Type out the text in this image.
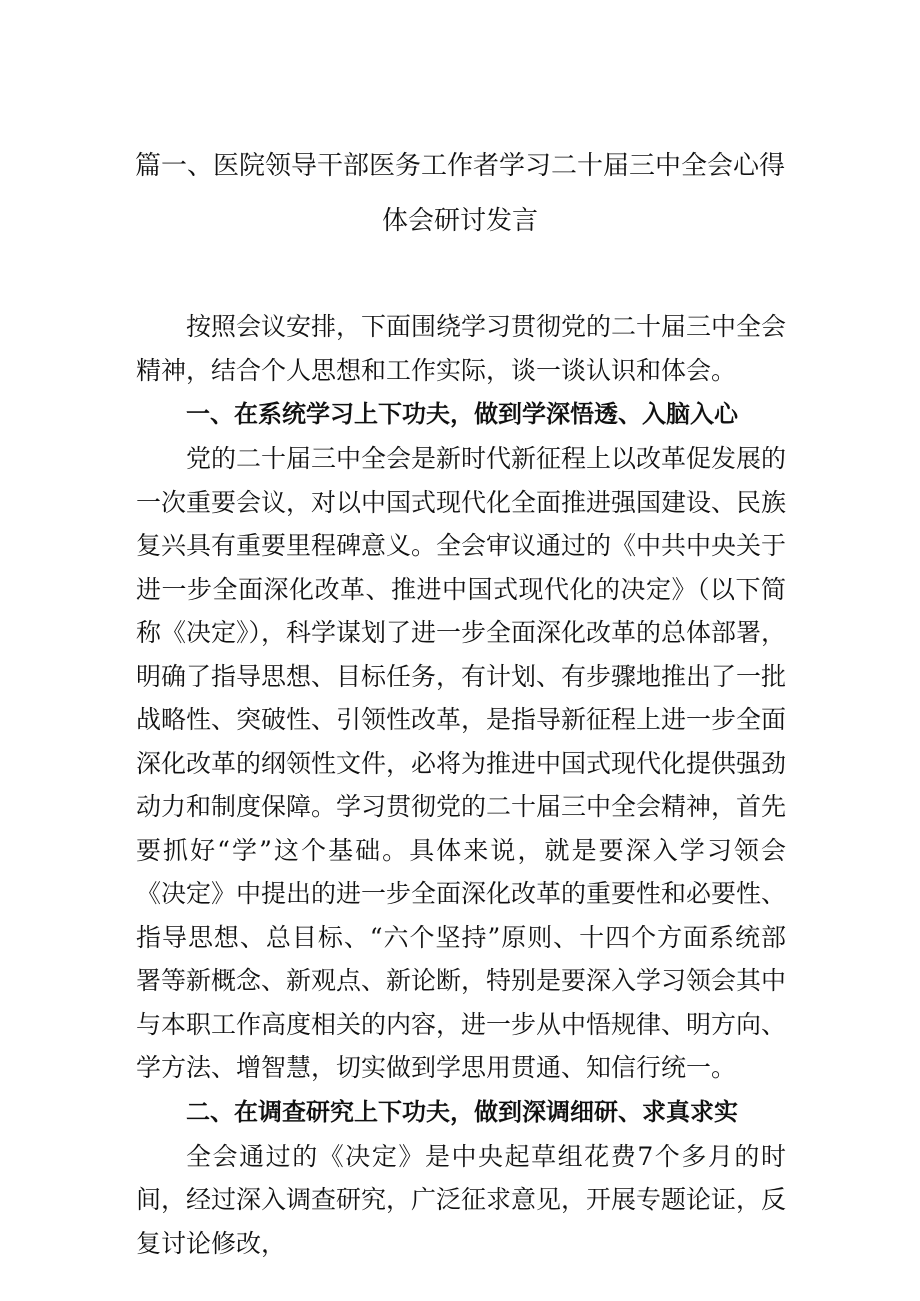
篇一、医院领导干部医务工作者学习二十届三中全会心得
体会研讨发言

按照会议安排，下面围绕学习贯彻党的二十届三中全会精神，结合个人思想和工作实际，谈一谈认识和体会。

一、在系统学习上下功夫，做到学深悟透、入脑入心

党的二十届三中全会是新时代新征程上以改革促发展的一次重要会议，对以中国式现代化全面推进强国建设、民族复兴具有重要里程碑意义。全会审议通过的《中共中央关于进一步全面深化改革、推进中国式现代化的决定》（以下简称《决定》），科学谋划了进一步全面深化改革的总体部署，明确了指导思想、目标任务，有计划、有步骤地推出了一批战略性、突破性、引领性改革，是指导新征程上进一步全面深化改革的纲领性文件，必将为推进中国式现代化提供强劲动力和制度保障。学习贯彻党的二十届三中全会精神，首先要抓好“学”这个基础。具体来说，就是要深入学习领会《决定》中提出的进一步全面深化改革的重要性和必要性、指导思想、总目标、“六个坚持”原则、十四个方面系统部署等新概念、新观点、新论断，特别是要深入学习领会其中与本职工作高度相关的内容，进一步从中悟规律、明方向、学方法、增智慧，切实做到学思用贯通、知信行统一。

二、在调查研究上下功夫，做到深调细研、求真求实

全会通过的《决定》是中央起草组花费7个多月的时间，经过深入调查研究，广泛征求意见，开展专题论证，反复讨论修改，
